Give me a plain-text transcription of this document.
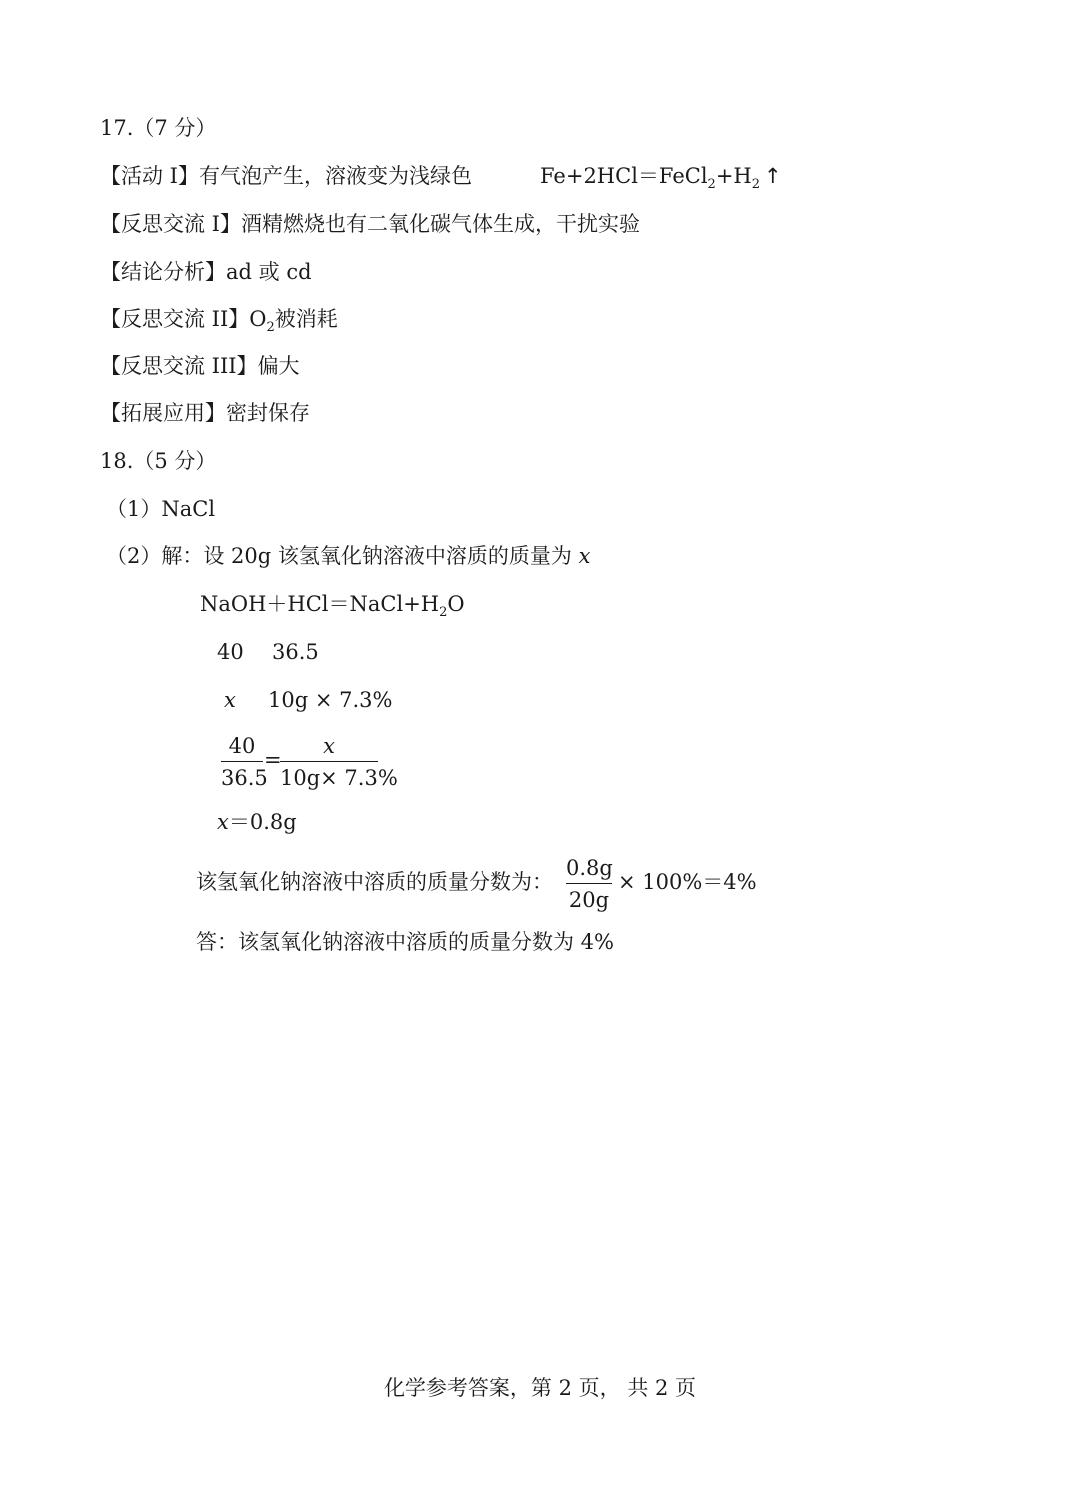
17.（7 分）
【活动 I】有气泡产生，溶液变为浅绿色	$Fe+2HCl=FeCl_2+H_2$ ↑
【反思交流 I】酒精燃烧也有二氧化碳气体生成，干扰实验
【结论分析】ad 或 cd
【反思交流 II】$O_2$被消耗
【反思交流 III】偏大
【拓展应用】密封保存
18.（5 分）
（1）NaCl
（2）解：设 20g 该氢氧化钠溶液中溶质的质量为 x
$NaOH+HCl=NaCl+H_2O$
40 36.5
x 10g × 7.3%
40
36.5
=
x
10g× 7.3%
x＝0.8g
该氢氧化钠溶液中溶质的质量分数为：
0.8g
20g
× 100%＝4%
答：该氢氧化钠溶液中溶质的质量分数为 4%
化学参考答案，第 2 页， 共 2 页
